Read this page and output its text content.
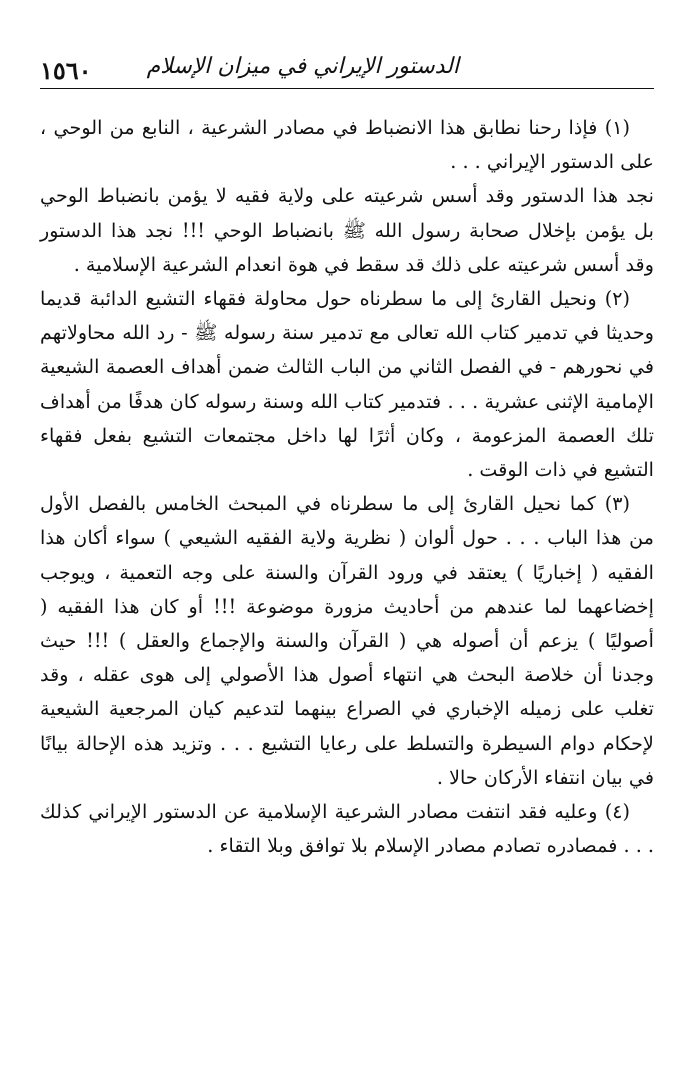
الدستور الإيراني في ميزان الإسلام
١٥٦٠

(١) فإذا رحنا نطابق هذا الانضباط في مصادر الشرعية ، النابع من الوحي ، على الدستور الإيراني . . .

نجد هذا الدستور وقد أسس شرعيته على ولاية فقيه لا يؤمن بانضباط الوحي بل يؤمن بإخلال صحابة رسول الله ﷺ بانضباط الوحي !!! نجد هذا الدستور وقد أسس شرعيته على ذلك قد سقط في هوة انعدام الشرعية الإسلامية .

(٢) ونحيل القارئ إلى ما سطرناه حول محاولة فقهاء التشيع الدائبة قديما وحديثا في تدمير كتاب الله تعالى مع تدمير سنة رسوله ﷺ - رد الله محاولاتهم في نحورهم - في الفصل الثاني من الباب الثالث ضمن أهداف العصمة الشيعية الإمامية الإثنى عشرية . . . فتدمير كتاب الله وسنة رسوله كان هدفًا من أهداف تلك العصمة المزعومة ، وكان أثرًا لها داخل مجتمعات التشيع بفعل فقهاء التشيع في ذات الوقت .

(٣) كما نحيل القارئ إلى ما سطرناه في المبحث الخامس بالفصل الأول من هذا الباب . . . حول ألوان ( نظرية ولاية الفقيه الشيعي ) سواء أكان هذا الفقيه ( إخباريًا ) يعتقد في ورود القرآن والسنة على وجه التعمية ، ويوجب إخضاعهما لما عندهم من أحاديث مزورة موضوعة !!! أو كان هذا الفقيه ( أصوليًا ) يزعم أن أصوله هي ( القرآن والسنة والإجماع والعقل ) !!! حيث وجدنا أن خلاصة البحث هي انتهاء أصول هذا الأصولي إلى هوى عقله ، وقد تغلب على زميله الإخباري في الصراع بينهما لتدعيم كيان المرجعية الشيعية لإحكام دوام السيطرة والتسلط على رعايا التشيع . . . وتزيد هذه الإحالة بيانًا في بيان انتفاء الأركان حالا .

(٤) وعليه فقد انتفت مصادر الشرعية الإسلامية عن الدستور الإيراني كذلك . . . فمصادره تصادم مصادر الإسلام بلا توافق وبلا التقاء .
